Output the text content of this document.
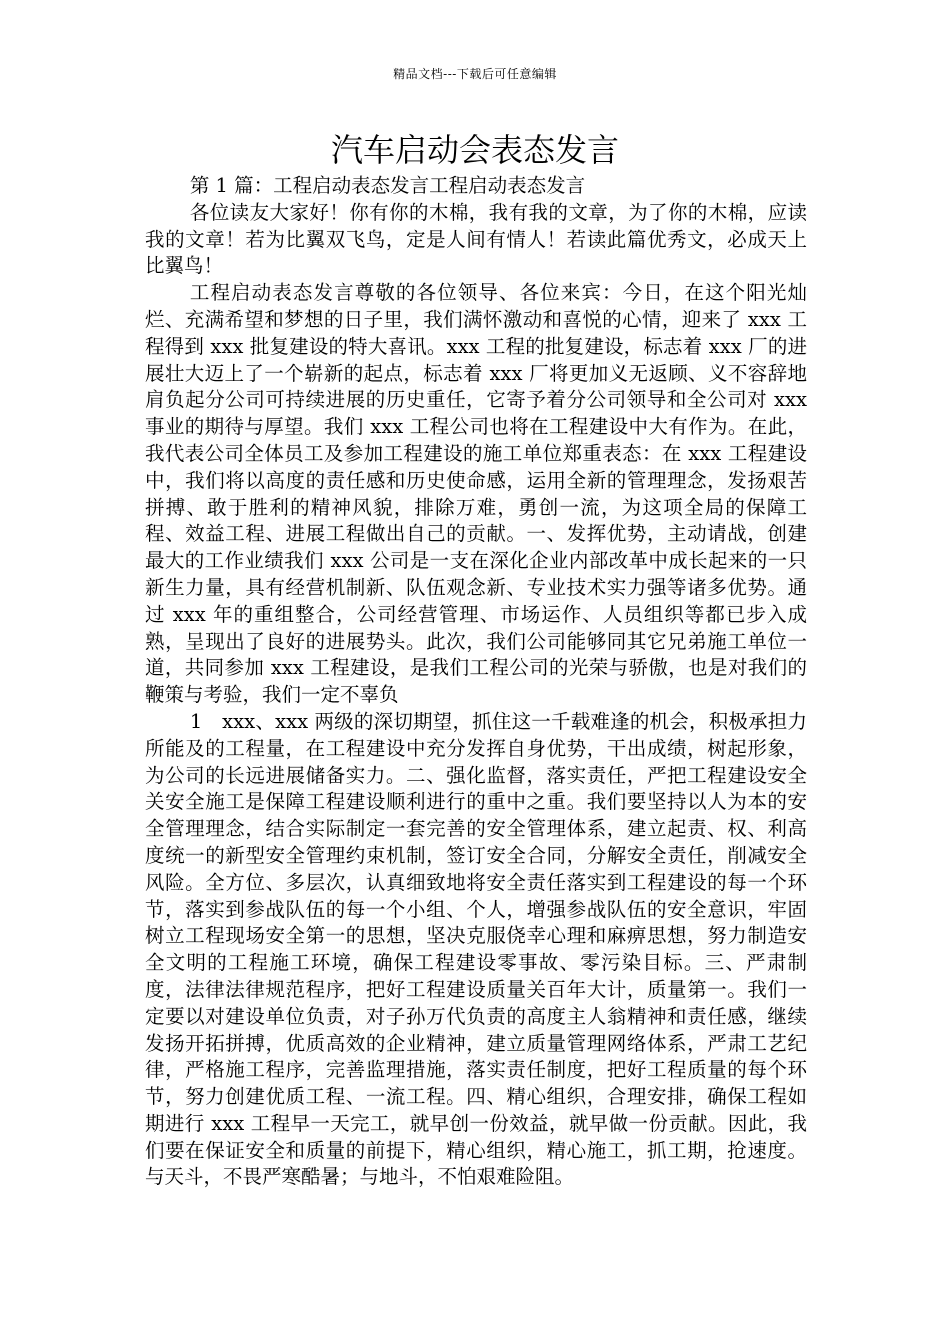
精品文档---下载后可任意编辑
汽车启动会表态发言

第 1 篇：工程启动表态发言工程启动表态发言

各位读友大家好！你有你的木棉，我有我的文章，为了你的木棉，应读我的文章！若为比翼双飞鸟，定是人间有情人！若读此篇优秀文，必成天上比翼鸟！

工程启动表态发言尊敬的各位领导、各位来宾：今日，在这个阳光灿烂、充满希望和梦想的日子里，我们满怀激动和喜悦的心情，迎来了 xxx 工程得到 xxx 批复建设的特大喜讯。xxx 工程的批复建设，标志着 xxx 厂的进展壮大迈上了一个崭新的起点，标志着 xxx 厂将更加义无返顾、义不容辞地肩负起分公司可持续进展的历史重任，它寄予着分公司领导和全公司对 xxx 事业的期待与厚望。我们 xxx 工程公司也将在工程建设中大有作为。在此，我代表公司全体员工及参加工程建设的施工单位郑重表态：在 xxx 工程建设中，我们将以高度的责任感和历史使命感，运用全新的管理理念，发扬艰苦拼搏、敢于胜利的精神风貌，排除万难，勇创一流，为这项全局的保障工程、效益工程、进展工程做出自己的贡献。一、发挥优势，主动请战，创建最大的工作业绩我们 xxx 公司是一支在深化企业内部改革中成长起来的一只新生力量，具有经营机制新、队伍观念新、专业技术实力强等诸多优势。通过 xxx 年的重组整合，公司经营管理、市场运作、人员组织等都已步入成熟，呈现出了良好的进展势头。此次，我们公司能够同其它兄弟施工单位一道，共同参加 xxx 工程建设，是我们工程公司的光荣与骄傲，也是对我们的鞭策与考验，我们一定不辜负

1　xxx、xxx 两级的深切期望，抓住这一千载难逢的机会，积极承担力所能及的工程量，在工程建设中充分发挥自身优势，干出成绩，树起形象，为公司的长远进展储备实力。二、强化监督，落实责任，严把工程建设安全关安全施工是保障工程建设顺利进行的重中之重。我们要坚持以人为本的安全管理理念，结合实际制定一套完善的安全管理体系，建立起责、权、利高度统一的新型安全管理约束机制，签订安全合同，分解安全责任，削减安全风险。全方位、多层次，认真细致地将安全责任落实到工程建设的每一个环节，落实到参战队伍的每一个小组、个人，增强参战队伍的安全意识，牢固树立工程现场安全第一的思想，坚决克服侥幸心理和麻痹思想，努力制造安全文明的工程施工环境，确保工程建设零事故、零污染目标。三、严肃制度，法律法律规范程序，把好工程建设质量关百年大计，质量第一。我们一定要以对建设单位负责，对子孙万代负责的高度主人翁精神和责任感，继续发扬开拓拼搏，优质高效的企业精神，建立质量管理网络体系，严肃工艺纪律，严格施工程序，完善监理措施，落实责任制度，把好工程质量的每个环节，努力创建优质工程、一流工程。四、精心组织，合理安排，确保工程如期进行 xxx 工程早一天完工，就早创一份效益，就早做一份贡献。因此，我们要在保证安全和质量的前提下，精心组织，精心施工，抓工期，抢速度。与天斗，不畏严寒酷暑；与地斗，不怕艰难险阻。
